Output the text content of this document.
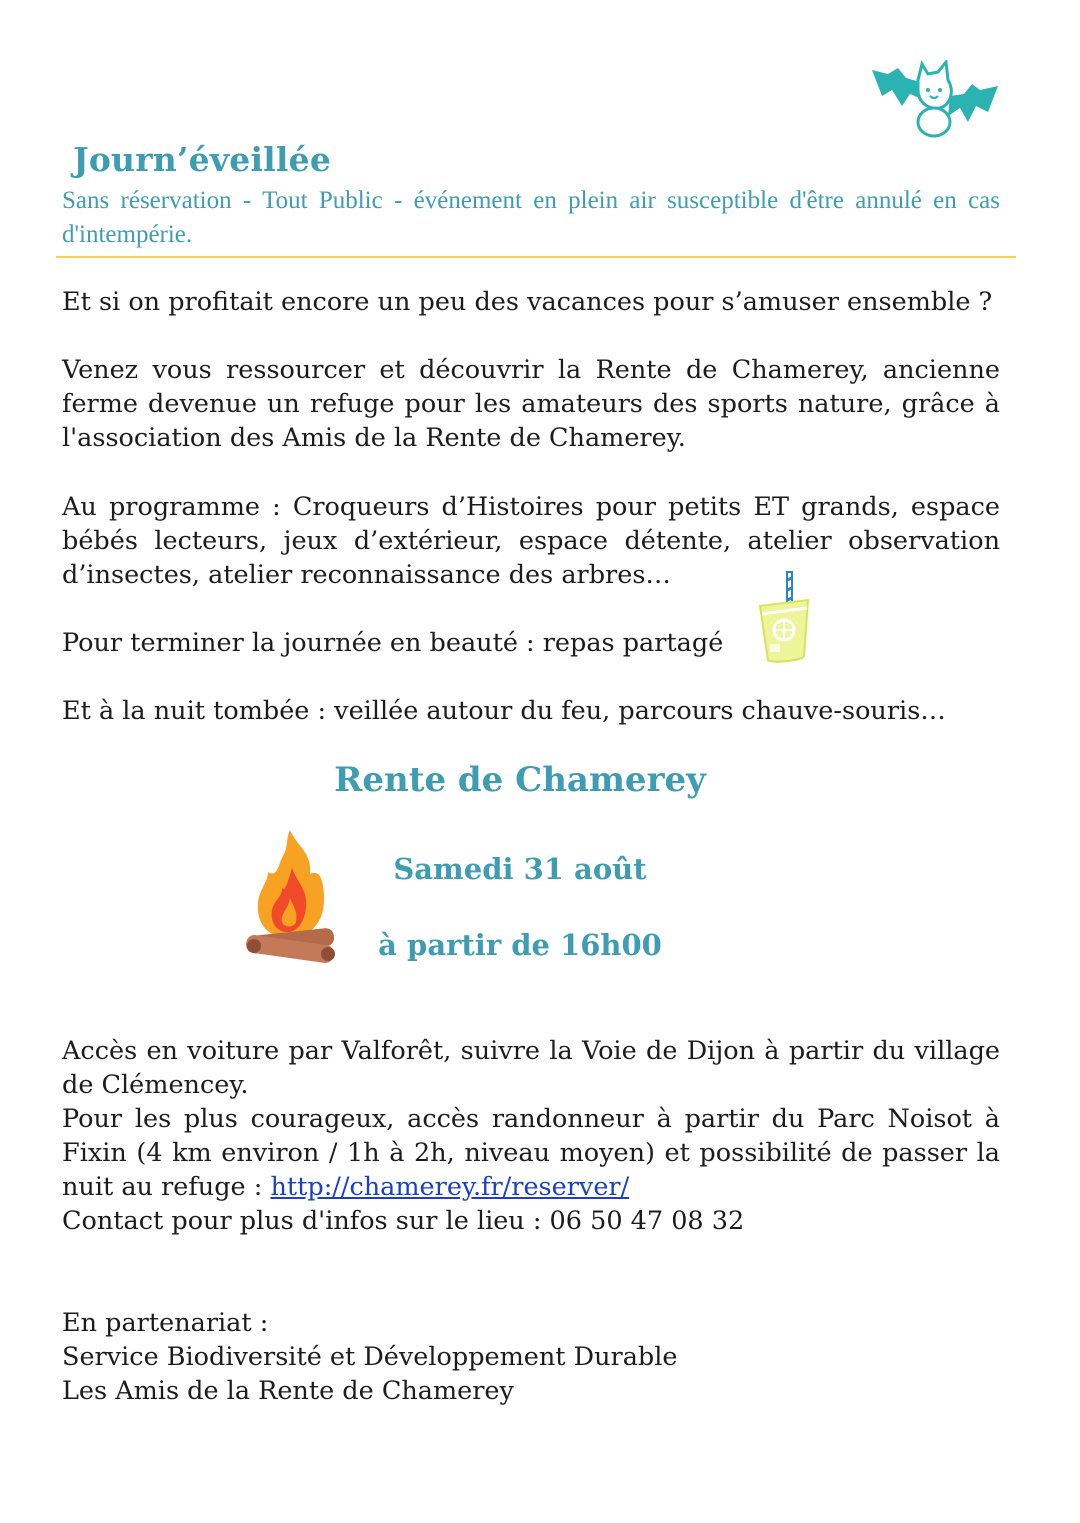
Journ’éveillée
Sans réservation - Tout Public - événement en plein air susceptible d'être annulé en cas d'intempérie.
Et si on profitait encore un peu des vacances pour s’amuser ensemble ?
Venez vous ressourcer et découvrir la Rente de Chamerey, ancienne ferme devenue un refuge pour les amateurs des sports nature, grâce à l'association des Amis de la Rente de Chamerey.
Au programme : Croqueurs d’Histoires pour petits ET grands, espace bébés lecteurs, jeux d’extérieur, espace détente, atelier observation d’insectes, atelier reconnaissance des arbres…
Pour terminer la journée en beauté : repas partagé
Et à la nuit tombée : veillée autour du feu, parcours chauve-souris…
Rente de Chamerey
Samedi 31 août
à partir de 16h00
Accès en voiture par Valforêt, suivre la Voie de Dijon à partir du village de Clémencey.
Pour les plus courageux, accès randonneur à partir du Parc Noisot à Fixin (4 km environ / 1h à 2h, niveau moyen) et possibilité de passer la nuit au refuge : http://chamerey.fr/reserver/
Contact pour plus d'infos sur le lieu : 06 50 47 08 32
En partenariat :
Service Biodiversité et Développement Durable
Les Amis de la Rente de Chamerey
